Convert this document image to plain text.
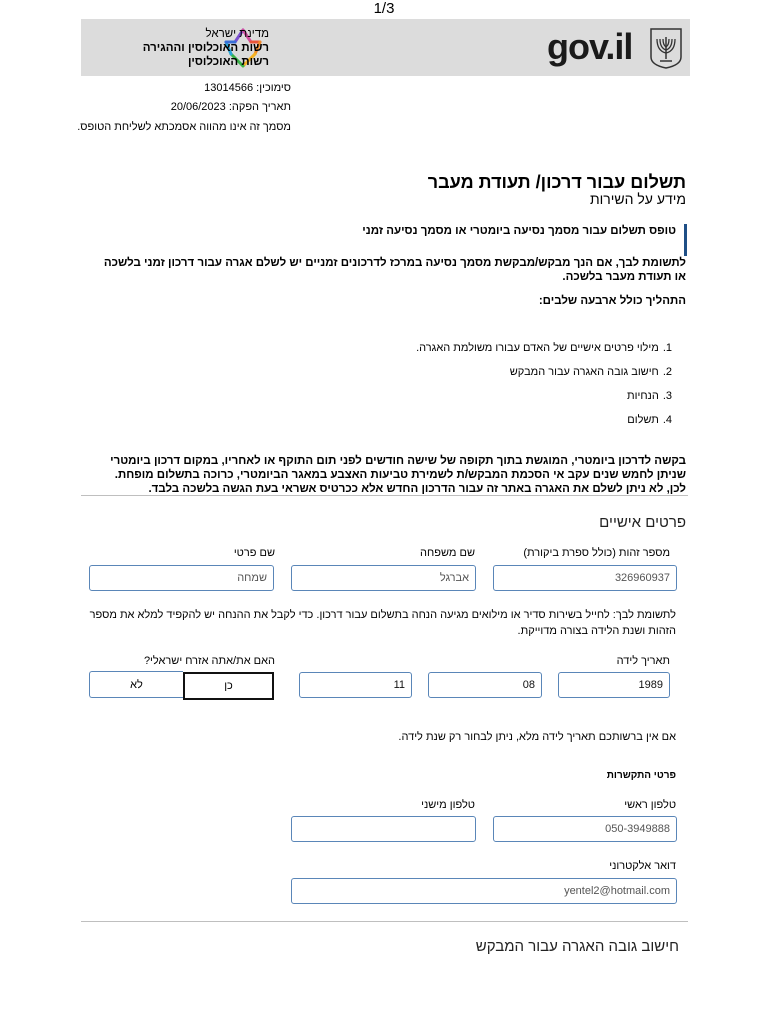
1/3
gov.il
מדינת ישראל
רשות האוכלוסין וההגירה
רשות האוכלוסין
סימוכין: 13014566
תאריך הפקה: 20/06/2023
מסמך זה אינו מהווה אסמכתא לשליחת הטופס.
תשלום עבור דרכון/ תעודת מעבר
מידע על השירות
טופס תשלום עבור מסמך נסיעה ביומטרי או מסמך נסיעה זמני
לתשומת לבך, אם הנך מבקש/מבקשת מסמך נסיעה במרכז לדרכונים זמניים יש לשלם אגרה עבור דרכון זמני בלשכה
או תעודת מעבר בלשכה.
התהליך כולל ארבעה שלבים:
1.מילוי פרטים אישיים של האדם עבורו משולמת האגרה.
2.חישוב גובה האגרה עבור המבקש
3.הנחיות
4.תשלום
בקשה לדרכון ביומטרי, המוגשת בתוך תקופה של שישה חודשים לפני תום התוקף או לאחריו, במקום דרכון ביומטרי
שניתן לחמש שנים עקב אי הסכמת המבקש/ת לשמירת טביעות האצבע במאגר הביומטרי, כרוכה בתשלום מופחת.
לכן, לא ניתן לשלם את האגרה באתר זה עבור הדרכון החדש אלא ככרטיס אשראי בעת הגשה בלשכה בלבד.
פרטים אישיים
מספר זהות (כולל ספרת ביקורת)
שם משפחה
שם פרטי
326960937
אברגל
שמחה
לתשומת לבך: לחייל בשירות סדיר או מילואים מגיעה הנחה בתשלום עבור דרכון. כדי לקבל את ההנחה יש להקפיד למלא את מספר
הזהות ושנת הלידה בצורה מדוייקת.
תאריך לידה
האם את/אתה אזרח ישראלי?
1989
08
11
כן
לא
אם אין ברשותכם תאריך לידה מלא, ניתן לבחור רק שנת לידה.
פרטי התקשרות
טלפון ראשי
טלפון מישני
050-3949888
דואר אלקטרוני
yentel2@hotmail.com
חישוב גובה האגרה עבור המבקש
